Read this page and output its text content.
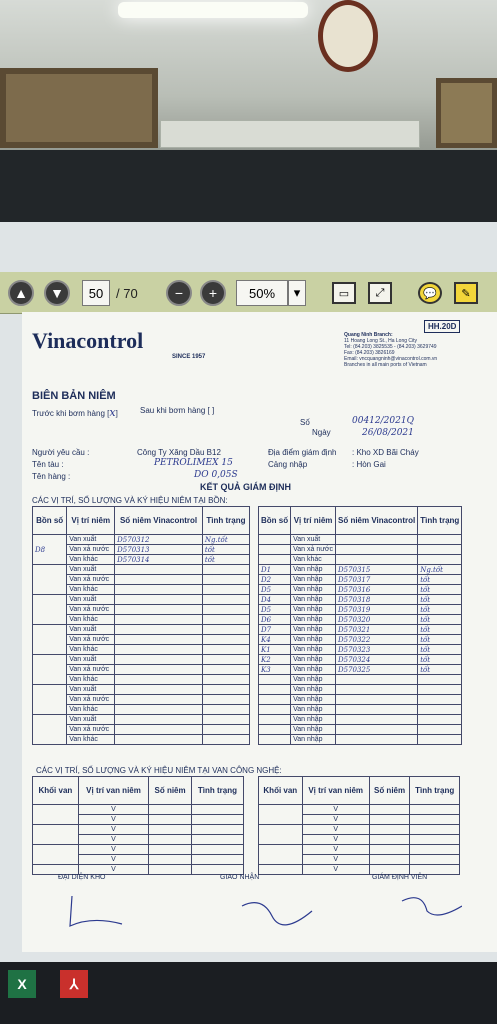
▲ ▼	50 / 70	− +	50%	▾	▭ ⤢	💬 ✎
Vinacontrol
SINCE 1957
HH.20D
Quang Ninh Branch:
11 Hoang Long St., Ha Long City
Tel: (84.203) 3825535 - (84.203) 3629749
Fax: (84.203) 3826169
Email: vncquangninh@vinacontrol.com.vn
Branches in all main ports of Vietnam
BIÊN BẢN NIÊM
Trước khi bơm hàng [x]	Sau khi bơm hàng [ ]
Số	00412/2021Q
Ngày	26/08/2021
Người yêu cầu :	Công Ty Xăng Dầu B12	Địa điểm giám định : Kho XD Bãi Cháy
Tên tàu :	PETROLIMEX 15	Cảng nhập	: Hòn Gai
Tên hàng :	DO 0,05S
KẾT QUẢ GIÁM ĐỊNH
CÁC VỊ TRÍ, SỐ LƯỢNG VÀ KÝ HIỆU NIÊM TẠI BỒN:
Bồn số	Vị trí niêm	Số niêm Vinacontrol	Tình trạng
D8	Van xuất	D570312	Ng.tốt
	Van xả nước	D570313	tốt
	Van khác	D570314	tốt
	Van xuất		
	Van xả nước		
	Van khác		
	Van xuất		
	Van xả nước		
	Van khác		
	Van xuất		
	Van xả nước		
	Van khác		
	Van xuất		
	Van xả nước		
	Van khác		
	Van xuất		
	Van xả nước		
	Van khác		
	Van xuất		
	Van xả nước		
	Van khác		
Bồn số	Vị trí niêm	Số niêm Vinacontrol	Tình trạng
	Van xuất		
	Van xả nước		
	Van khác		
D1	Van nhập	D570315	Ng.tốt
D2	Van nhập	D570317	tốt
D5	Van nhập	D570316	tốt
D4	Van nhập	D570318	tốt
D5	Van nhập	D570319	tốt
D6	Van nhập	D570320	tốt
D7	Van nhập	D570321	tốt
K4	Van nhập	D570322	tốt
K1	Van nhập	D570323	tốt
K2	Van nhập	D570324	tốt
K3	Van nhập	D570325	tốt
	Van nhập		
	Van nhập		
	Van nhập		
	Van nhập		
	Van nhập		
	Van nhập		
	Van nhập		
CÁC VỊ TRÍ, SỐ LƯỢNG VÀ KÝ HIỆU NIÊM TẠI VAN CÔNG NGHỆ:
Khối van	Vị trí van niêm	Số niêm	Tình trạng
	V		
	V		
	V		
	V		
	V		
	V		
	V		
Khối van	Vị trí van niêm	Số niêm	Tình trạng
	V		
	V		
	V		
	V		
	V		
	V		
	V		
ĐẠI DIỆN KHO	GIAO NHẬN	GIÁM ĐỊNH VIÊN
X	⅄
